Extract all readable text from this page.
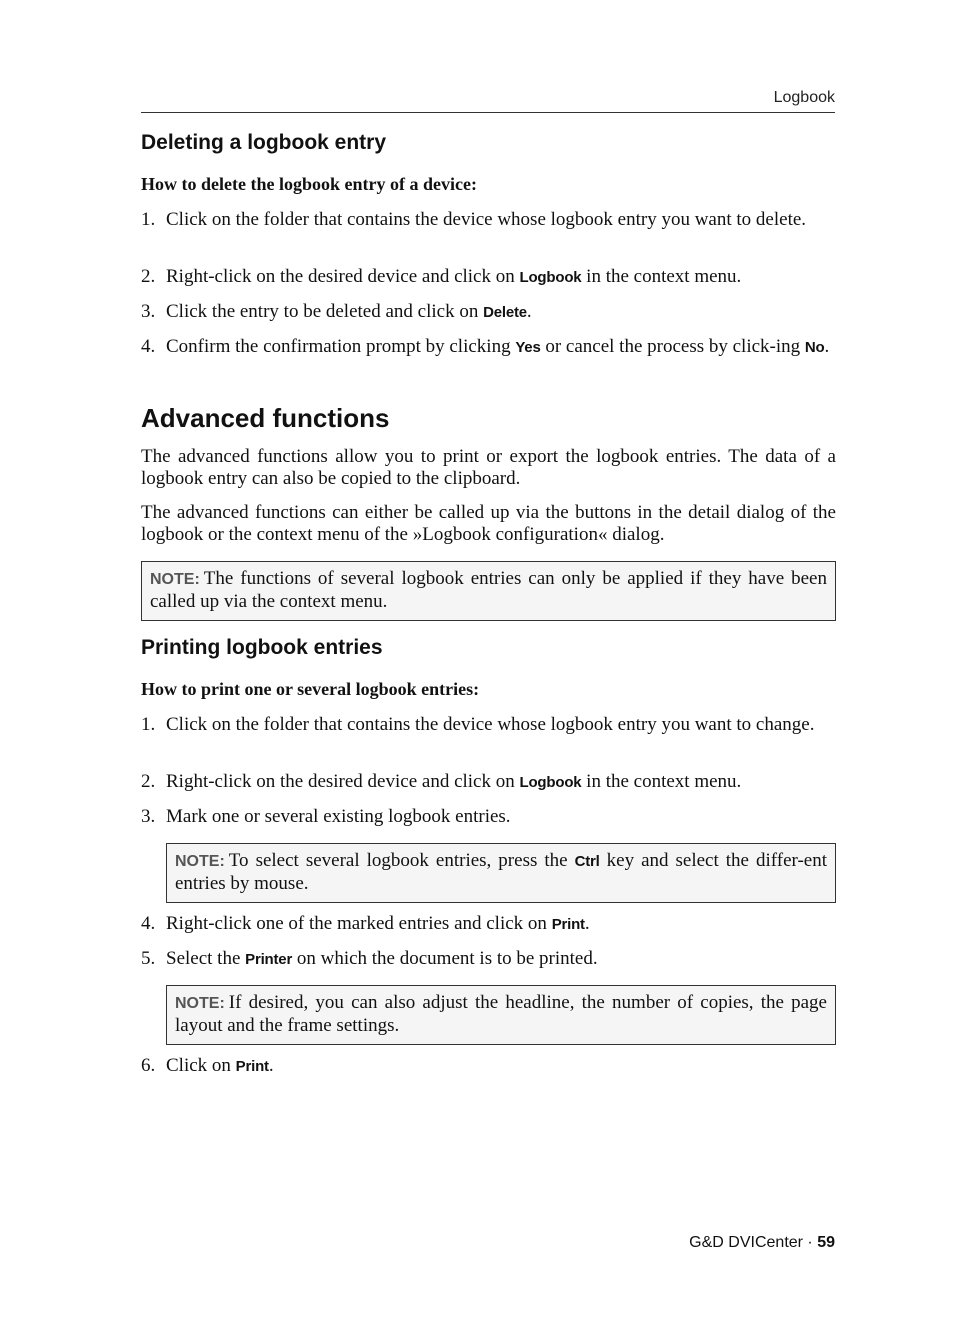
Logbook
Deleting a logbook entry

How to delete the logbook entry of a device:

1. Click on the folder that contains the device whose logbook entry you want to delete.
2. Right-click on the desired device and click on Logbook in the context menu.
3. Click the entry to be deleted and click on Delete.
4. Confirm the confirmation prompt by clicking Yes or cancel the process by click-ing No.
Advanced functions

The advanced functions allow you to print or export the logbook entries. The data of a logbook entry can also be copied to the clipboard.

The advanced functions can either be called up via the buttons in the detail dialog of the logbook or the context menu of the »Logbook configuration« dialog.

NOTE: The functions of several logbook entries can only be applied if they have been called up via the context menu.
Printing logbook entries

How to print one or several logbook entries:

1. Click on the folder that contains the device whose logbook entry you want to change.
2. Right-click on the desired device and click on Logbook in the context menu.
3. Mark one or several existing logbook entries.
NOTE: To select several logbook entries, press the Ctrl key and select the differ-ent entries by mouse.
4. Right-click one of the marked entries and click on Print.
5. Select the Printer on which the document is to be printed.
NOTE: If desired, you can also adjust the headline, the number of copies, the page layout and the frame settings.
6. Click on Print.
G&D DVICenter · 59
